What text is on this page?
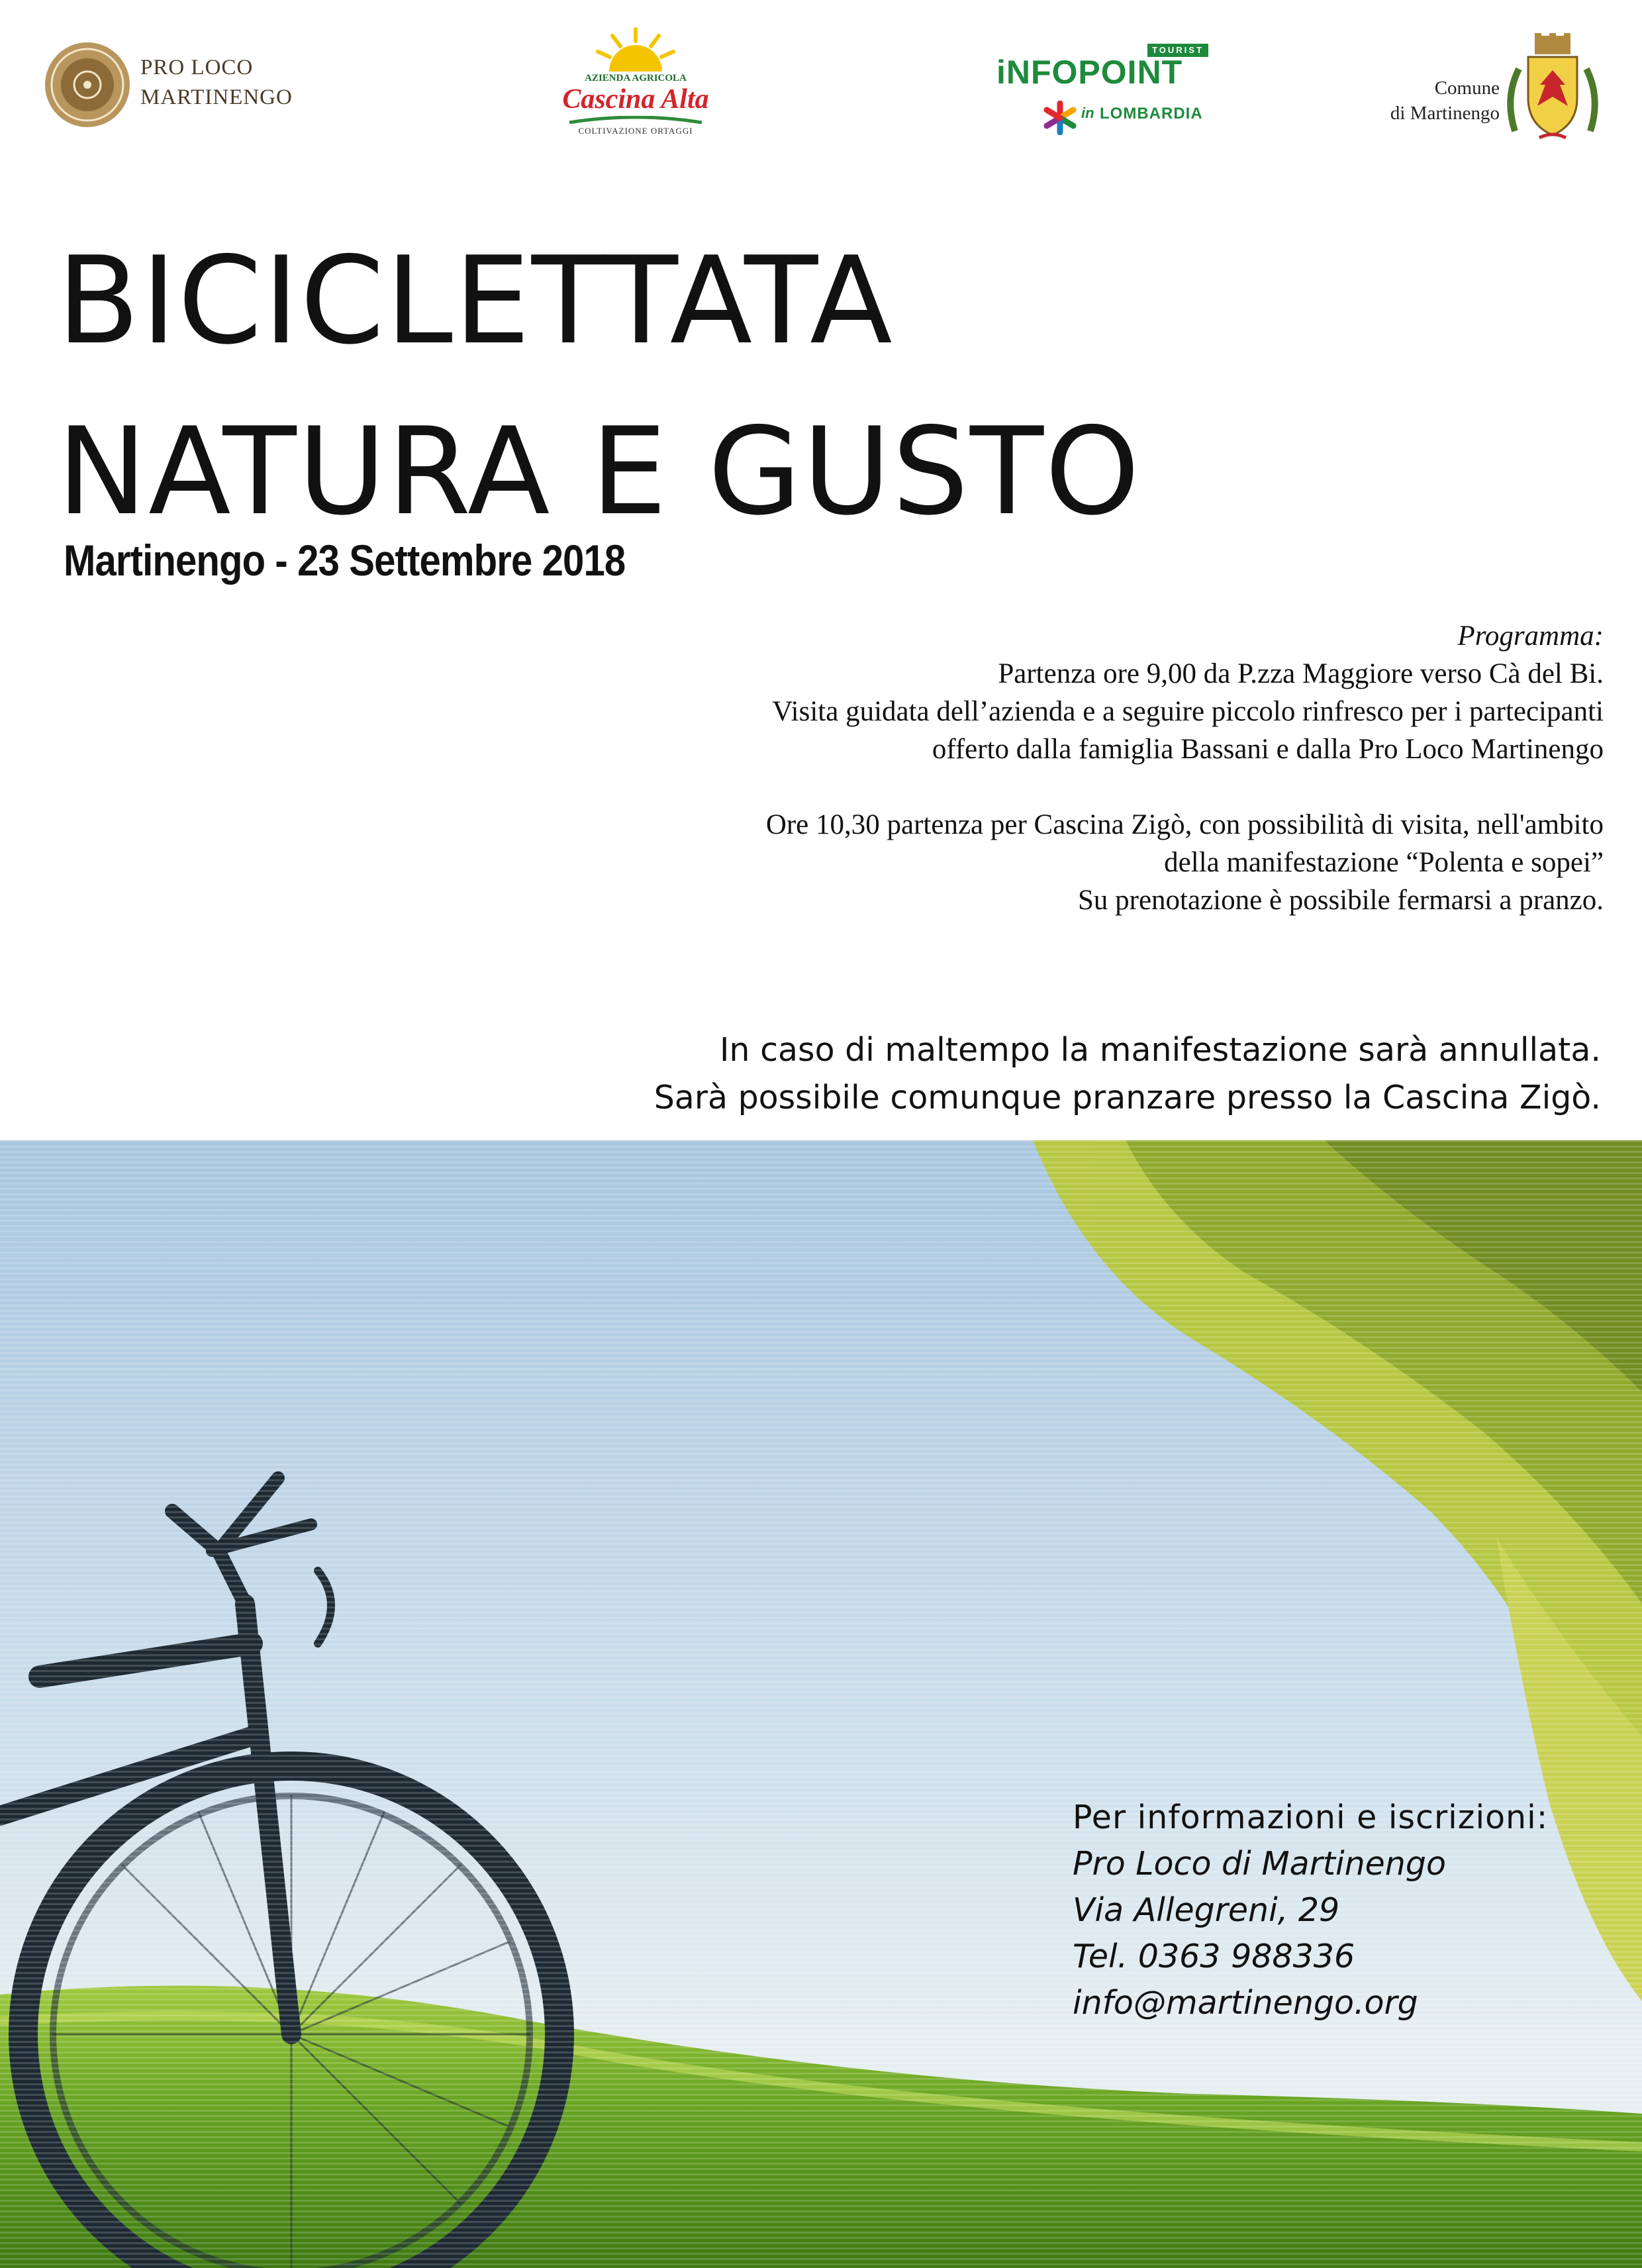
PRO LOCO
MARTINENGO
AZIENDA AGRICOLA
Cascina Alta
COLTIVAZIONE ORTAGGI
TOURIST
iNFOPOINT
in LOMBARDIA
Comune
di Martinengo
BICICLETTATA
NATURA E GUSTO
Martinengo - 23 Settembre 2018
Programma:
Partenza ore 9,00 da P.zza Maggiore verso Cà del Bi.
Visita guidata dell’azienda e a seguire piccolo rinfresco per i partecipanti
offerto dalla famiglia Bassani e dalla Pro Loco Martinengo
Ore 10,30 partenza per Cascina Zigò, con possibilità di visita, nell'ambito
della manifestazione “Polenta e sopei”
Su prenotazione è possibile fermarsi a pranzo.
In caso di maltempo la manifestazione sarà annullata.
Sarà possibile comunque pranzare presso la Cascina Zigò.
Per informazioni e iscrizioni:
Pro Loco di Martinengo
Via Allegreni, 29
Tel. 0363 988336
info@martinengo.org
